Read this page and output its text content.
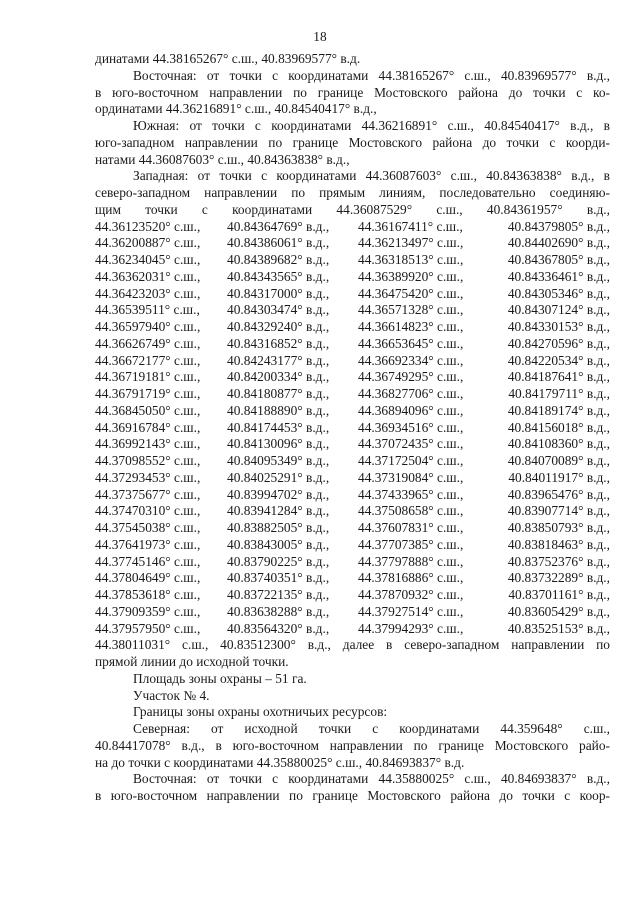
18
динатами 44.38165267° с.ш., 40.83969577° в.д.
Восточная: от точки с координатами 44.38165267° с.ш., 40.83969577° в.д.,
в юго-восточном направлении по границе Мостовского района до точки с ко-
ординатами 44.36216891° с.ш., 40.84540417° в.д.,
Южная: от точки с координатами 44.36216891° с.ш., 40.84540417° в.д., в
юго-западном направлении по границе Мостовского района до точки с коорди-
натами 44.36087603° с.ш., 40.84363838° в.д.,
Западная: от точки с координатами 44.36087603° с.ш., 40.84363838° в.д., в
северо-западном направлении по прямым линиям, последовательно соединяю-
щим точки с координатами 44.36087529° с.ш., 40.84361957° в.д.,
44.36123520° с.ш.,	40.84364769° в.д.,	44.36167411° с.ш.,	40.84379805° в.д.,
44.36200887° с.ш.,	40.84386061° в.д.,	44.36213497° с.ш.,	40.84402690° в.д.,
44.36234045° с.ш.,	40.84389682° в.д.,	44.36318513° с.ш.,	40.84367805° в.д.,
44.36362031° с.ш.,	40.84343565° в.д.,	44.36389920° с.ш.,	40.84336461° в.д.,
44.36423203° с.ш.,	40.84317000° в.д.,	44.36475420° с.ш.,	40.84305346° в.д.,
44.36539511° с.ш.,	40.84303474° в.д.,	44.36571328° с.ш.,	40.84307124° в.д.,
44.36597940° с.ш.,	40.84329240° в.д.,	44.36614823° с.ш.,	40.84330153° в.д.,
44.36626749° с.ш.,	40.84316852° в.д.,	44.36653645° с.ш.,	40.84270596° в.д.,
44.36672177° с.ш.,	40.84243177° в.д.,	44.36692334° с.ш.,	40.84220534° в.д.,
44.36719181° с.ш.,	40.84200334° в.д.,	44.36749295° с.ш.,	40.84187641° в.д.,
44.36791719° с.ш.,	40.84180877° в.д.,	44.36827706° с.ш.,	40.84179711° в.д.,
44.36845050° с.ш.,	40.84188890° в.д.,	44.36894096° с.ш.,	40.84189174° в.д.,
44.36916784° с.ш.,	40.84174453° в.д.,	44.36934516° с.ш.,	40.84156018° в.д.,
44.36992143° с.ш.,	40.84130096° в.д.,	44.37072435° с.ш.,	40.84108360° в.д.,
44.37098552° с.ш.,	40.84095349° в.д.,	44.37172504° с.ш.,	40.84070089° в.д.,
44.37293453° с.ш.,	40.84025291° в.д.,	44.37319084° с.ш.,	40.84011917° в.д.,
44.37375677° с.ш.,	40.83994702° в.д.,	44.37433965° с.ш.,	40.83965476° в.д.,
44.37470310° с.ш.,	40.83941284° в.д.,	44.37508658° с.ш.,	40.83907714° в.д.,
44.37545038° с.ш.,	40.83882505° в.д.,	44.37607831° с.ш.,	40.83850793° в.д.,
44.37641973° с.ш.,	40.83843005° в.д.,	44.37707385° с.ш.,	40.83818463° в.д.,
44.37745146° с.ш.,	40.83790225° в.д.,	44.37797888° с.ш.,	40.83752376° в.д.,
44.37804649° с.ш.,	40.83740351° в.д.,	44.37816886° с.ш.,	40.83732289° в.д.,
44.37853618° с.ш.,	40.83722135° в.д.,	44.37870932° с.ш.,	40.83701161° в.д.,
44.37909359° с.ш.,	40.83638288° в.д.,	44.37927514° с.ш.,	40.83605429° в.д.,
44.37957950° с.ш.,	40.83564320° в.д.,	44.37994293° с.ш.,	40.83525153° в.д.,
44.38011031° с.ш., 40.83512300° в.д., далее в северо-западном направлении по
прямой линии до исходной точки.
Площадь зоны охраны – 51 га.
Участок № 4.
Границы зоны охраны охотничьих ресурсов:
Северная: от исходной точки с координатами 44.359648° с.ш.,
40.84417078° в.д., в юго-восточном направлении по границе Мостовского райо-
на до точки с координатами 44.35880025° с.ш., 40.84693837° в.д.
Восточная: от точки с координатами 44.35880025° с.ш., 40.84693837° в.д.,
в юго-восточном направлении по границе Мостовского района до точки с коор-
